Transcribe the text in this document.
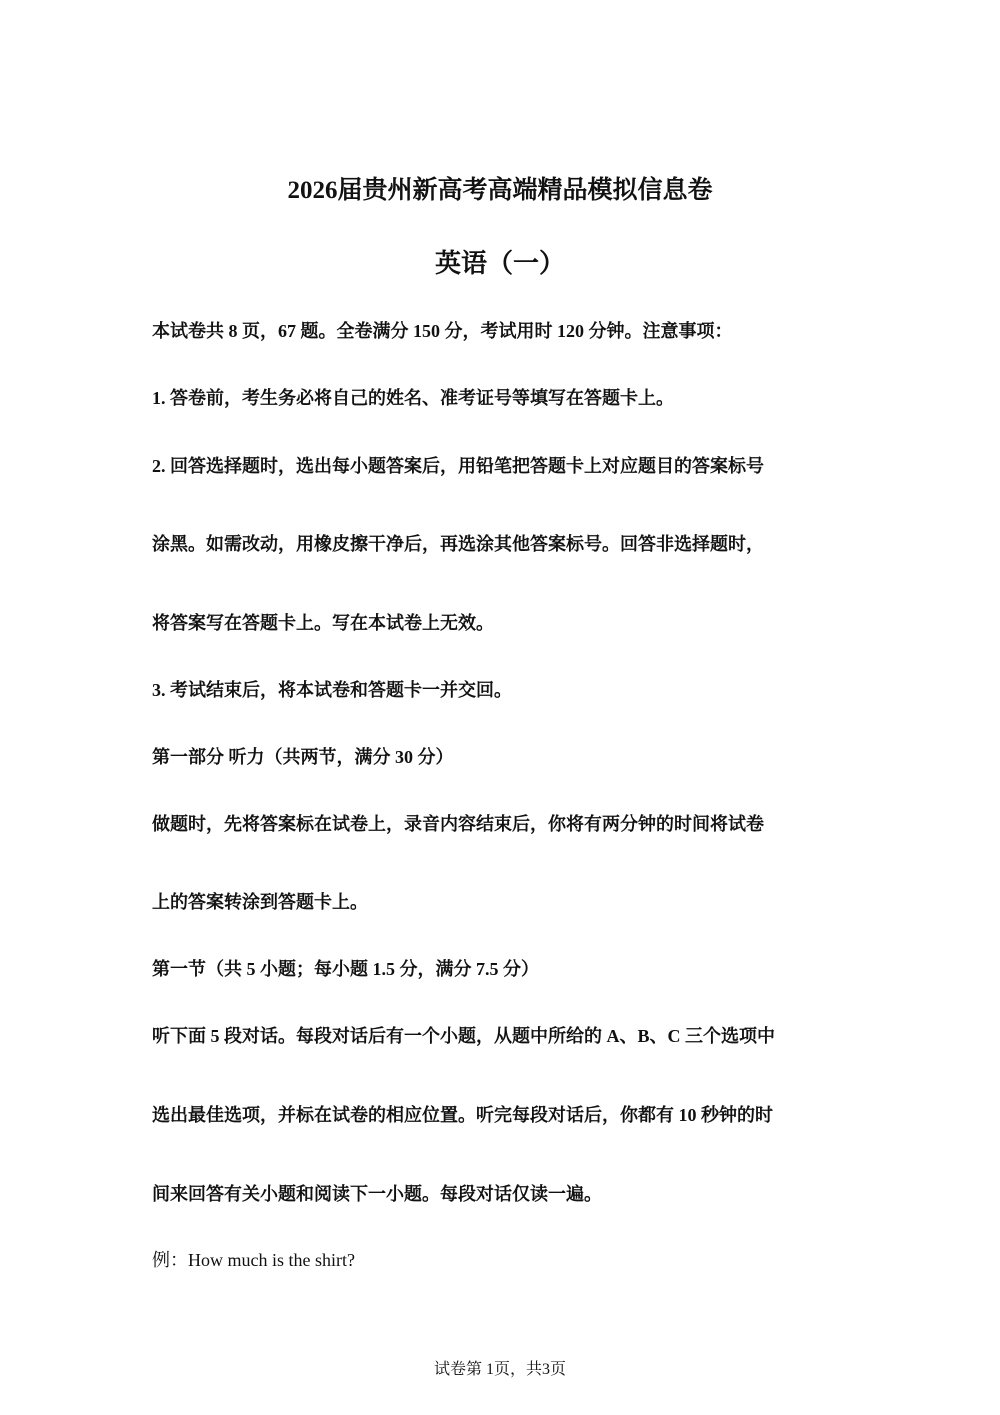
2026届贵州新高考高端精品模拟信息卷
英语（一）

本试卷共 8 页，67 题。全卷满分 150 分，考试用时 120 分钟。注意事项：

1. 答卷前，考生务必将自己的姓名、准考证号等填写在答题卡上。

2. 回答选择题时，选出每小题答案后，用铅笔把答题卡上对应题目的答案标号

涂黑。如需改动，用橡皮擦干净后，再选涂其他答案标号。回答非选择题时，

将答案写在答题卡上。写在本试卷上无效。

3. 考试结束后，将本试卷和答题卡一并交回。

第一部分 听力（共两节，满分 30 分）

做题时，先将答案标在试卷上，录音内容结束后，你将有两分钟的时间将试卷

上的答案转涂到答题卡上。

第一节（共 5 小题；每小题 1.5 分，满分 7.5 分）

听下面 5 段对话。每段对话后有一个小题，从题中所给的 A、B、C 三个选项中

选出最佳选项，并标在试卷的相应位置。听完每段对话后，你都有 10 秒钟的时

间来回答有关小题和阅读下一小题。每段对话仅读一遍。

例：How much is the shirt?

试卷第 1页，共3页
